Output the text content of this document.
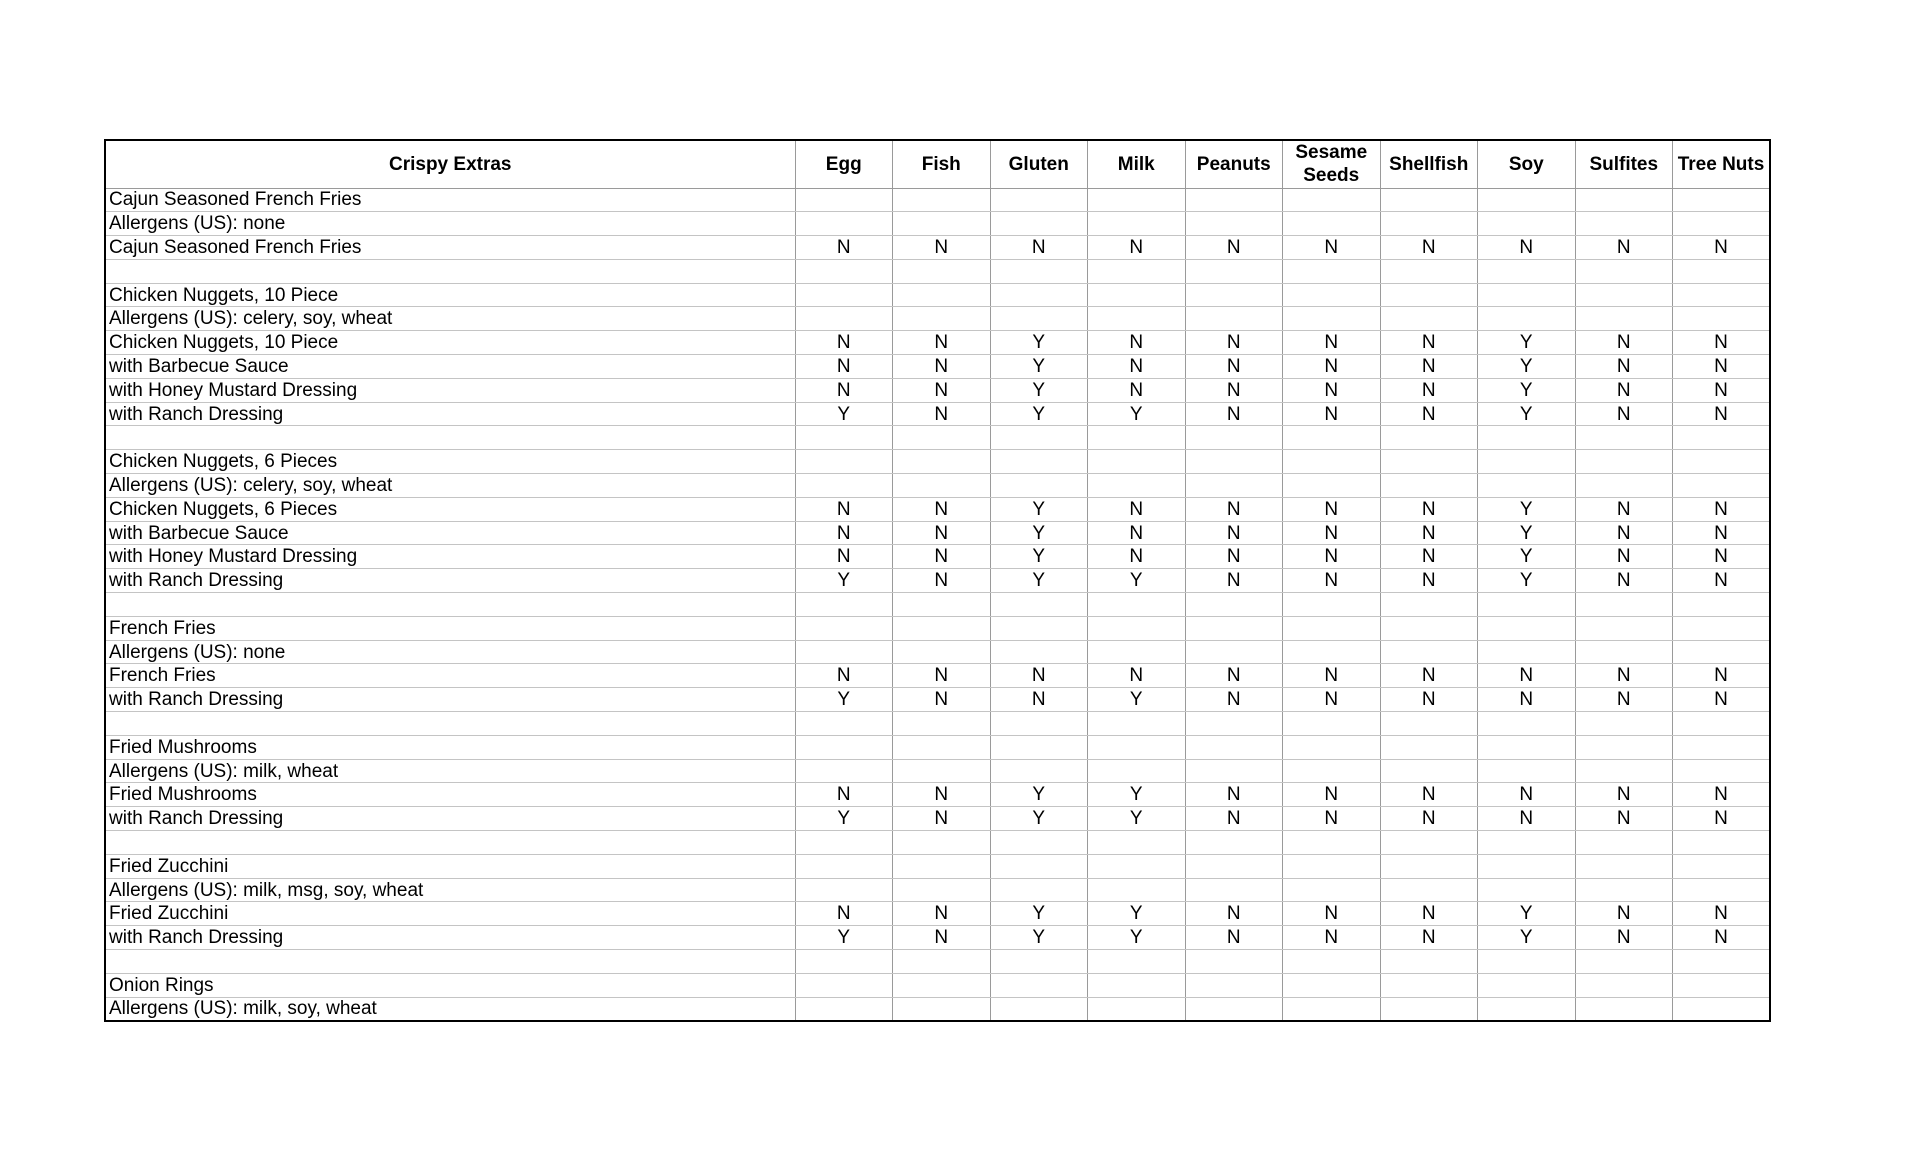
Crispy Extras	Egg	Fish	Gluten	Milk	Peanuts	Sesame Seeds	Shellfish	Soy	Sulfites	Tree Nuts
Cajun Seasoned French Fries										
Allergens (US): none										
Cajun Seasoned French Fries	N	N	N	N	N	N	N	N	N	N

Chicken Nuggets, 10 Piece										
Allergens (US): celery, soy, wheat										
Chicken Nuggets, 10 Piece	N	N	Y	N	N	N	N	Y	N	N
with Barbecue Sauce	N	N	Y	N	N	N	N	Y	N	N
with Honey Mustard Dressing	N	N	Y	N	N	N	N	Y	N	N
with Ranch Dressing	Y	N	Y	Y	N	N	N	Y	N	N

Chicken Nuggets, 6 Pieces										
Allergens (US): celery, soy, wheat										
Chicken Nuggets, 6 Pieces	N	N	Y	N	N	N	N	Y	N	N
with Barbecue Sauce	N	N	Y	N	N	N	N	Y	N	N
with Honey Mustard Dressing	N	N	Y	N	N	N	N	Y	N	N
with Ranch Dressing	Y	N	Y	Y	N	N	N	Y	N	N

French Fries										
Allergens (US): none										
French Fries	N	N	N	N	N	N	N	N	N	N
with Ranch Dressing	Y	N	N	Y	N	N	N	N	N	N

Fried Mushrooms										
Allergens (US): milk, wheat										
Fried Mushrooms	N	N	Y	Y	N	N	N	N	N	N
with Ranch Dressing	Y	N	Y	Y	N	N	N	N	N	N

Fried Zucchini										
Allergens (US): milk, msg, soy, wheat										
Fried Zucchini	N	N	Y	Y	N	N	N	Y	N	N
with Ranch Dressing	Y	N	Y	Y	N	N	N	Y	N	N

Onion Rings										
Allergens (US): milk, soy, wheat										
